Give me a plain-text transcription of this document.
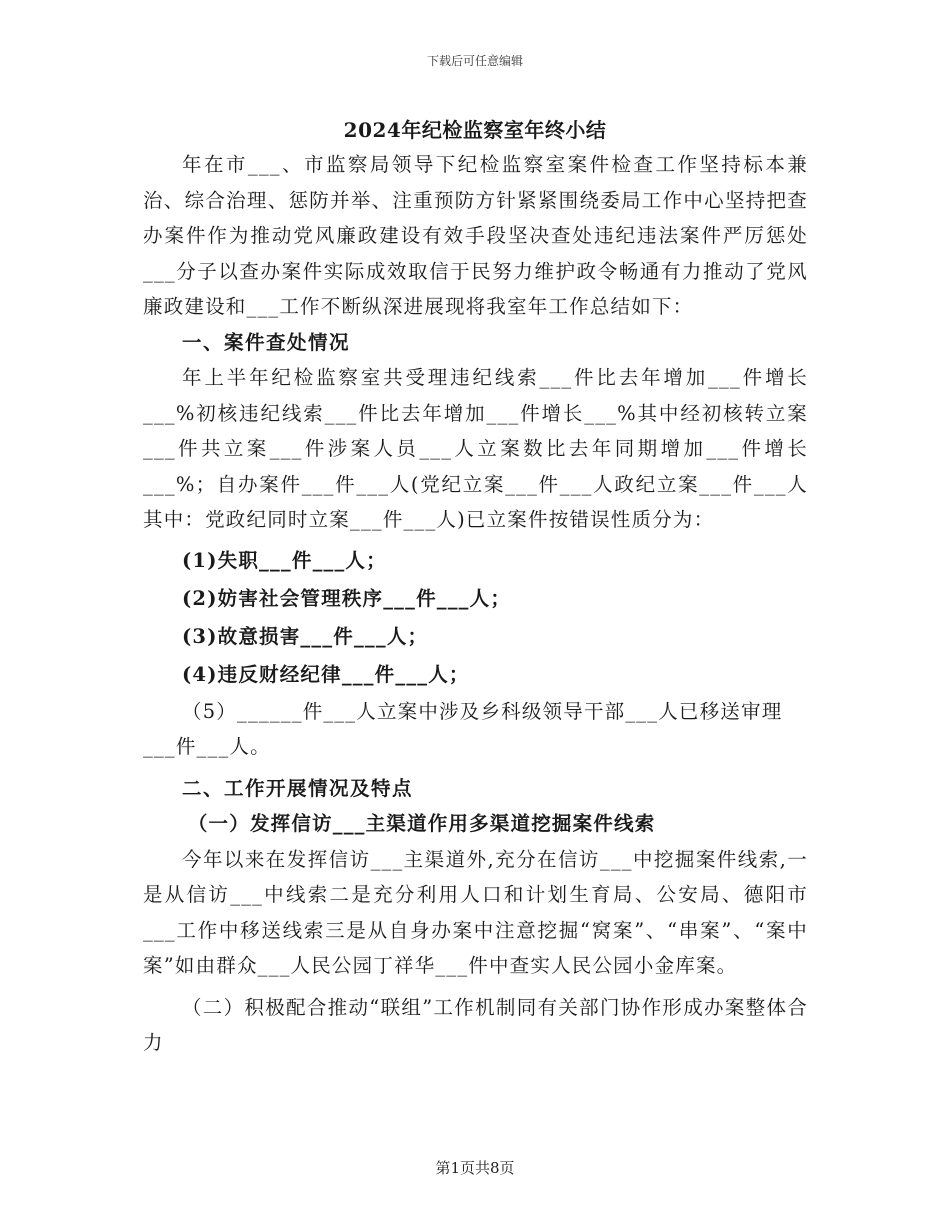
下载后可任意编辑
2024年纪检监察室年终小结

年在市___、市监察局领导下纪检监察室案件检查工作坚持标本兼治、综合治理、惩防并举、注重预防方针紧紧围绕委局工作中心坚持把查办案件作为推动党风廉政建设有效手段坚决查处违纪违法案件严厉惩处___分子以查办案件实际成效取信于民努力维护政令畅通有力推动了党风廉政建设和___工作不断纵深进展现将我室年工作总结如下：

一、案件查处情况

年上半年纪检监察室共受理违纪线索___件比去年增加___件增长___%初核违纪线索___件比去年增加___件增长___%其中经初核转立案___件共立案___件涉案人员___人立案数比去年同期增加___件增长___%；自办案件___件___人(党纪立案___件___人政纪立案___件___人其中：党政纪同时立案___件___人)已立案件按错误性质分为：

(1)失职___件___人；

(2)妨害社会管理秩序___件___人；

(3)故意损害___件___人；

(4)违反财经纪律___件___人；

（5）______件___人立案中涉及乡科级领导干部___人已移送审理___件___人。

二、工作开展情况及特点

（一）发挥信访___主渠道作用多渠道挖掘案件线索

今年以来在发挥信访___主渠道外,充分在信访___中挖掘案件线索,一是从信访___中线索二是充分利用人口和计划生育局、公安局、德阳市___工作中移送线索三是从自身办案中注意挖掘“窝案”、“串案”、“案中案”如由群众___人民公园丁祥华___件中查实人民公园小金库案。

（二）积极配合推动“联组”工作机制同有关部门协作形成办案整体合力

第1页共8页
